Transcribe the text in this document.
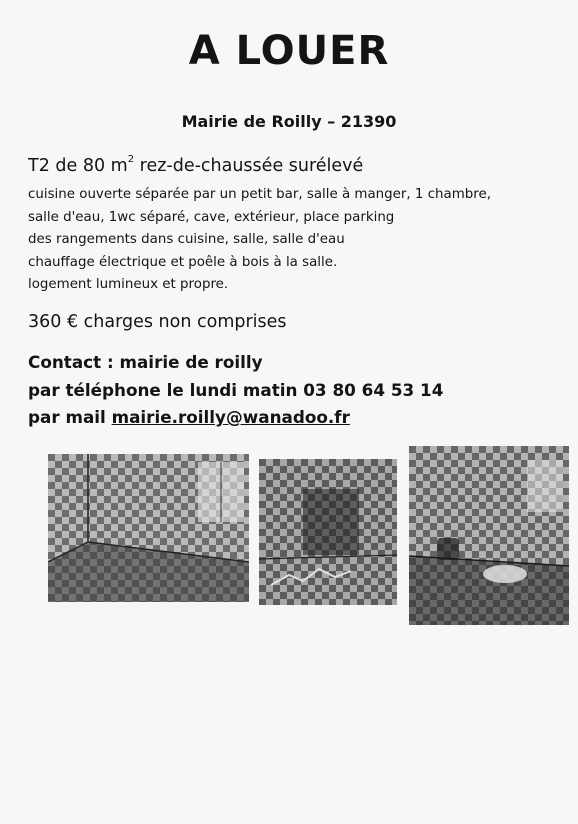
A LOUER
Mairie de Roilly – 21390
T2 de 80 $m^2$ rez-de-chaussée surélevé
cuisine ouverte séparée par un petit bar, salle à manger, 1 chambre,
salle d'eau, 1wc séparé, cave, extérieur, place parking
des rangements dans cuisine, salle, salle d'eau
chauffage électrique et poêle à bois à la salle.
logement lumineux et propre.
360 € charges non comprises
Contact : mairie de roilly
par téléphone le lundi matin 03 80 64 53 14
par mail mairie.roilly@wanadoo.fr
